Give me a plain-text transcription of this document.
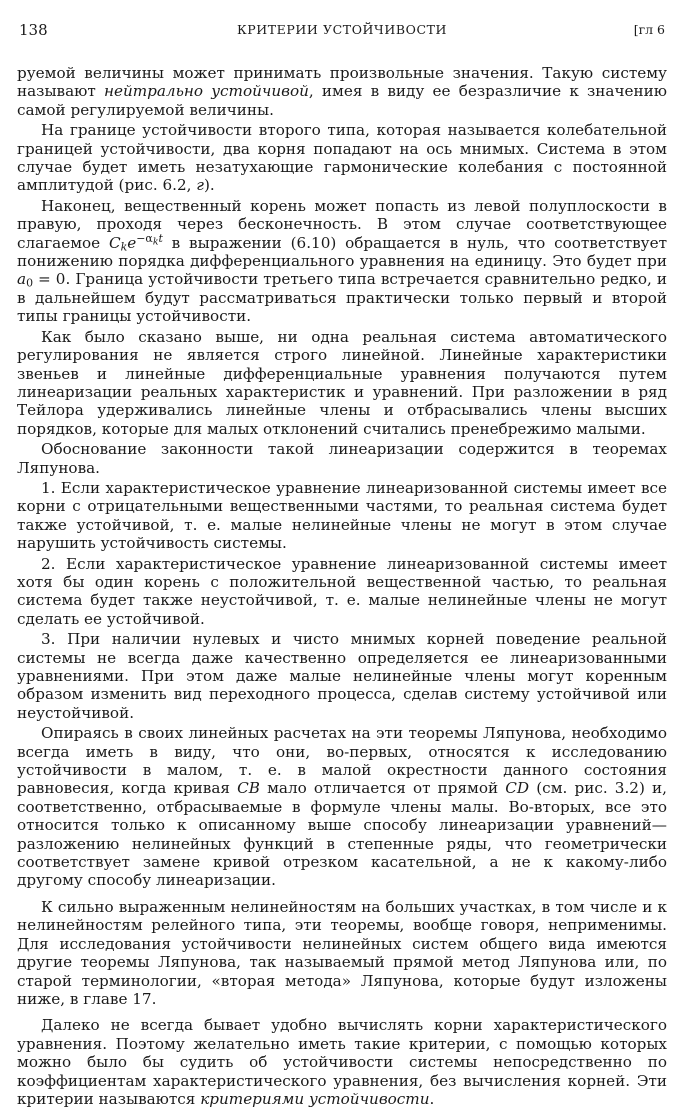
138	КРИТЕРИИ УСТОЙЧИВОСТИ	[гл 6

руемой величины может принимать произвольные значения. Такую систему называют нейтрально устойчивой, имея в виду ее безразличие к значению самой регулируемой величины.

На границе устойчивости второго типа, которая называется колебательной границей устойчивости, два корня попадают на ось мнимых. Система в этом случае будет иметь незатухающие гармонические колебания с постоянной амплитудой (рис. 6.2, г).

Наконец, вещественный корень может попасть из левой полуплоскости в правую, проходя через бесконечность. В этом случае соответствующее слагаемое $C_ke^{-\alpha_kt}$ в выражении (6.10) обращается в нуль, что соответствует понижению порядка дифференциального уравнения на единицу. Это будет при $a_0 = 0$. Граница устойчивости третьего типа встречается сравнительно редко, и в дальнейшем будут рассматриваться практически только первый и второй типы границы устойчивости.

Как было сказано выше, ни одна реальная система автоматического регулирования не является строго линейной. Линейные характеристики звеньев и линейные дифференциальные уравнения получаются путем линеаризации реальных характеристик и уравнений. При разложении в ряд Тейлора удерживались линейные члены и отбрасывались члены высших порядков, которые для малых отклонений считались пренебрежимо малыми.

Обоснование законности такой линеаризации содержится в теоремах Ляпунова.

1. Если характеристическое уравнение линеаризованной системы имеет все корни с отрицательными вещественными частями, то реальная система будет также устойчивой, т. е. малые нелинейные члены не могут в этом случае нарушить устойчивость системы.

2. Если характеристическое уравнение линеаризованной системы имеет хотя бы один корень с положительной вещественной частью, то реальная система будет также неустойчивой, т. е. малые нелинейные члены не могут сделать ее устойчивой.

3. При наличии нулевых и чисто мнимых корней поведение реальной системы не всегда даже качественно определяется ее линеаризованными уравнениями. При этом даже малые нелинейные члены могут коренным образом изменить вид переходного процесса, сделав систему устойчивой или неустойчивой.

Опираясь в своих линейных расчетах на эти теоремы Ляпунова, необходимо всегда иметь в виду, что они, во-первых, относятся к исследованию устойчивости в малом, т. е. в малой окрестности данного состояния равновесия, когда кривая CB мало отличается от прямой CD (см. рис. 3.2) и, соответственно, отбрасываемые в формуле члены малы. Во-вторых, все это относится только к описанному выше способу линеаризации уравнений—разложению нелинейных функций в степенные ряды, что геометрически соответствует замене кривой отрезком касательной, а не к какому-либо другому способу линеаризации.

К сильно выраженным нелинейностям на больших участках, в том числе и к нелинейностям релейного типа, эти теоремы, вообще говоря, неприменимы. Для исследования устойчивости нелинейных систем общего вида имеются другие теоремы Ляпунова, так называемый прямой метод Ляпунова или, по старой терминологии, «вторая метода» Ляпунова, которые будут изложены ниже, в главе 17.

Далеко не всегда бывает удобно вычислять корни характеристического уравнения. Поэтому желательно иметь такие критерии, с помощью которых можно было бы судить об устойчивости системы непосредственно по коэффициентам характеристического уравнения, без вычисления корней. Эти критерии называются критериями устойчивости.
